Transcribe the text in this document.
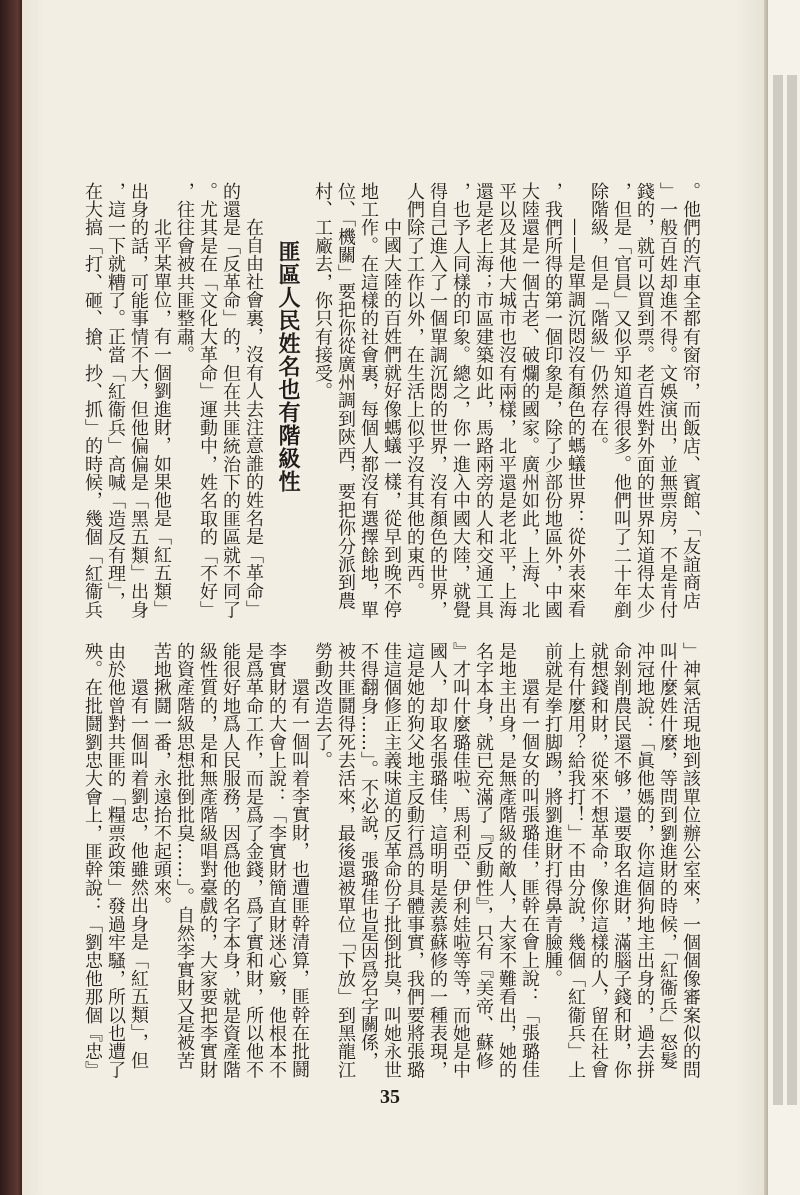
。他們的汽車全都有窗帘，而飯店、賓館、「友誼商店
」一般百姓却進不得。文娛演出，並無票房，不是肯付
錢的，就可以買到票。老百姓對外面的世界知道得太少
，但是「官員」又似乎知道得很多。他們叫了二十年剷
除階級，但是「階級」仍然存在。
——是單調沉悶沒有顏色的螞蟻世界：從外表來看
，我們所得的第一個印象是，除了少部份地區外，中國
大陸還是一個古老、破爛的國家。廣州如此，上海、北
平以及其他大城市也沒有兩樣，北平還是老北平，上海
還是老上海；市區建築如此，馬路兩旁的人和交通工具
，也予人同樣的印象。總之，你一進入中國大陸，就覺
得自己進入了一個單調沉悶的世界，沒有顏色的世界，
人們除了工作以外，在生活上似乎沒有其他的東西。
中國大陸的百姓們就好像螞蟻一樣，從早到晚不停
地工作。在這樣的社會裏，每個人都沒有選擇餘地，單
位、「機關」要把你從廣州調到陝西，要把你分派到農
村、工廠去，你只有接受。
匪區人民姓名也有階級性
在自由社會裏，沒有人去注意誰的姓名是「革命」
的還是「反革命」的，但在共匪統治下的匪區就不同了
。尤其是在「文化大革命」運動中，姓名取的「不好」
，往往會被共匪整肅。
北平某單位，有一個劉進財，如果他是「紅五類」
出身的話，可能事情不大，但他偏偏是「黑五類」出身
，這一下就糟了。正當「紅衞兵」高喊「造反有理」，
在大搞「打、砸、搶、抄、抓」的時候，幾個「紅衞兵
」神氣活現地到該單位辦公室來，一個個像審案似的問
叫什麼姓什麼，等問到劉進財的時候，「紅衞兵」怒髮
冲冠地說：「眞他媽的，你這個狗地主出身的，過去拼
命剝削農民還不够，還要取名進財，滿腦子錢和財，你
就想錢和財，從來不想革命，像你這樣的人，留在社會
上有什麼用？給我打！」不由分說，幾個「紅衞兵」上
前就是拳打脚踢，將劉進財打得鼻青臉腫。
還有一個女的叫張璐佳，匪幹在會上說：「張璐佳
是地主出身，是無產階級的敵人，大家不難看出，她的
名字本身，就已充滿了『反動性』，只有『美帝、蘇修
』才叫什麼璐佳啦、馬利亞、伊利娃啦等等，而她是中
國人，却取名張璐佳，這明明是羨慕蘇修的一種表現，
這是她的狗父地主反動行爲的具體事實，我們要將張璐
佳這個修正主義味道的反革命份子批倒批臭，叫她永世
不得翻身……」。不必說，張璐佳也是因爲名字關係，
被共匪鬪得死去活來，最後還被單位「下放」到黑龍江
勞動改造去了。
還有一個叫着李實財，也遭匪幹清算，匪幹在批鬪
李實財的大會上說：「李實財簡直財迷心竅，他根本不
是爲革命工作，而是爲了金錢，爲了實和財，所以他不
能很好地爲人民服務，因爲他的名字本身，就是資產階
級性質的，是和無產階級唱對臺戲的，大家要把李實財
的資產階級思想批倒批臭……」。自然李實財又是被苦
苦地揪鬪一番，永遠抬不起頭來。
還有一個叫着劉忠，他雖然出身是「紅五類」，但
由於他曾對共匪的「糧票政策」發過牢騷，所以也遭了
殃。在批鬪劉忠大會上，匪幹說：「劉忠他那個『忠』
35
